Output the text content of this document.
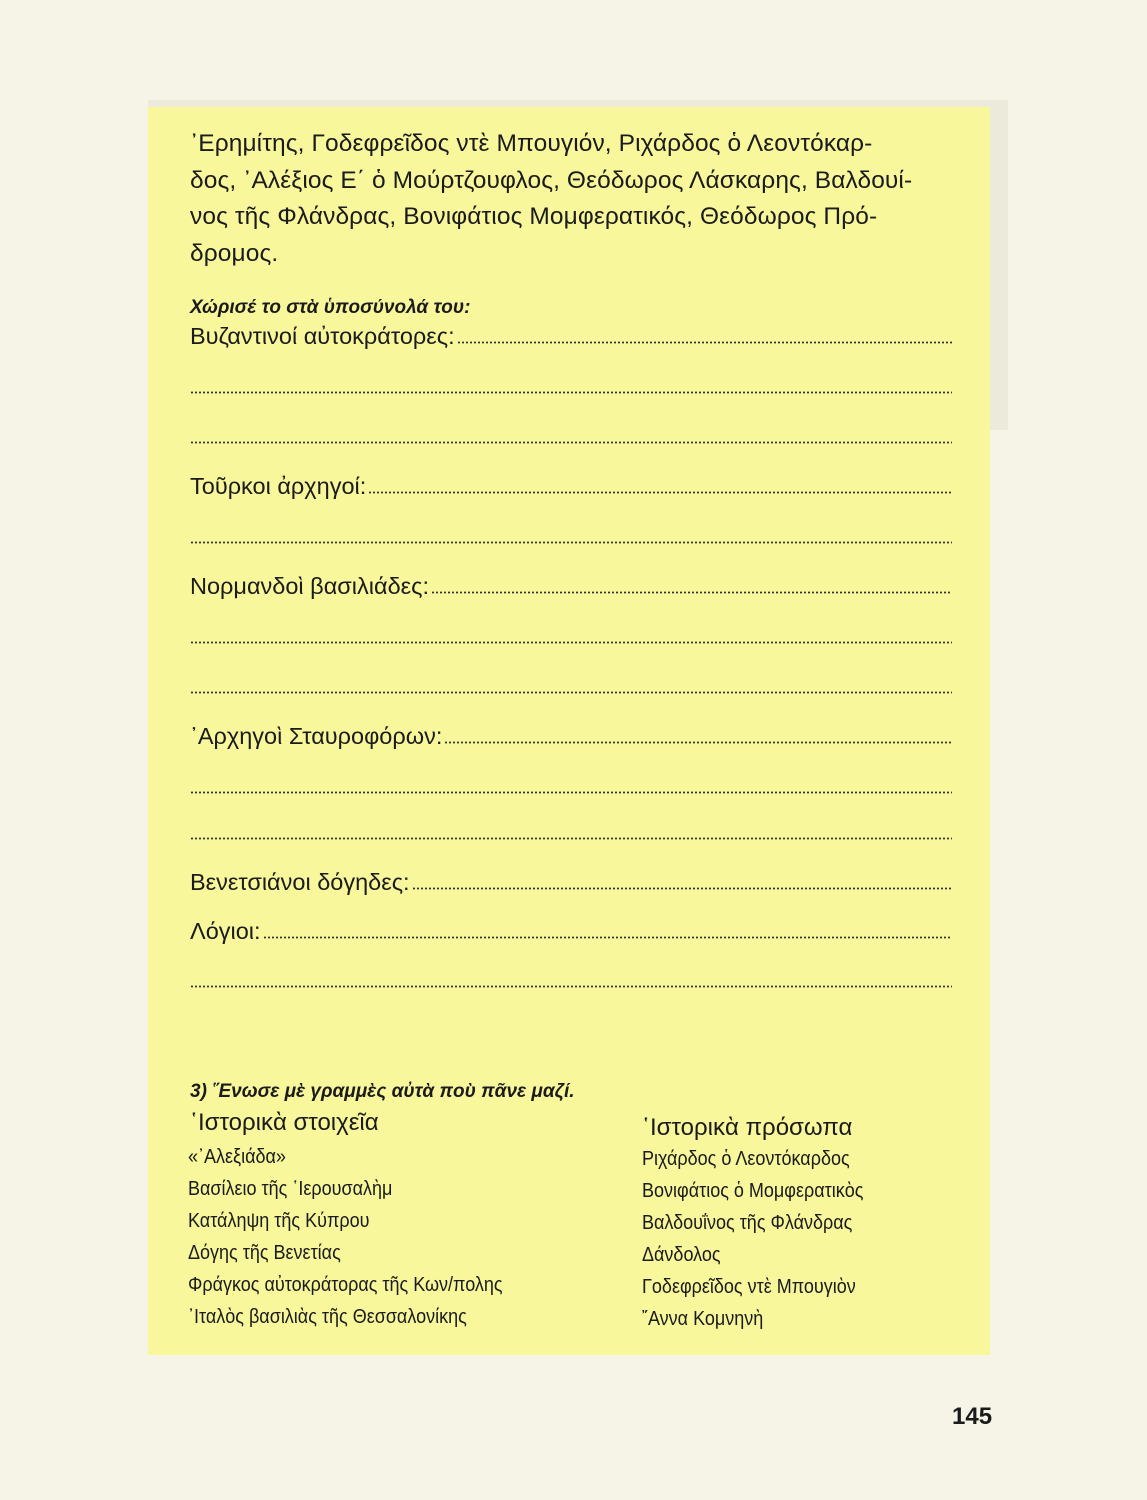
᾿Ερημίτης, Γοδεφρεῖδος ντὲ Μπουγιόν, Ριχάρδος ὁ Λεοντόκαρ-
δος, ᾿Αλέξιος Ε΄ ὁ Μούρτζουφλος, Θεόδωρος Λάσκαρης, Βαλδουί-
νος τῆς Φλάνδρας, Βονιφάτιος Μομφερατικός, Θεόδωρος Πρό-
δρομος.
Χώρισέ το στὰ ὑποσύνολά του:
Βυζαντινοί αὐτοκράτορες:
Τοῦρκοι ἀρχηγοί:
Νορμανδοὶ βασιλιάδες:
᾿Αρχηγοὶ Σταυροφόρων:
Βενετσιάνοι δόγηδες:
Λόγιοι:
3) ῞Ενωσε μὲ γραμμὲς αὐτὰ ποὺ πᾶνε μαζί.
῾Ιστορικὰ στοιχεῖα	῾Ιστορικὰ πρόσωπα
«᾿Αλεξιάδα»
Βασίλειο τῆς ῾Ιερουσαλὴμ
Κατάληψη τῆς Κύπρου
Δόγης τῆς Βενετίας
Φράγκος αὐτοκράτορας τῆς Κων/πολης
᾿Ιταλὸς βασιλιὰς τῆς Θεσσαλονίκης
Ριχάρδος ὁ Λεοντόκαρδος
Βονιφάτιος ὁ Μομφερατικὸς
Βαλδουΐνος τῆς Φλάνδρας
Δάνδολος
Γοδεφρεῖδος ντὲ Μπουγιὸν
῎Αννα Κομνηνὴ
145
